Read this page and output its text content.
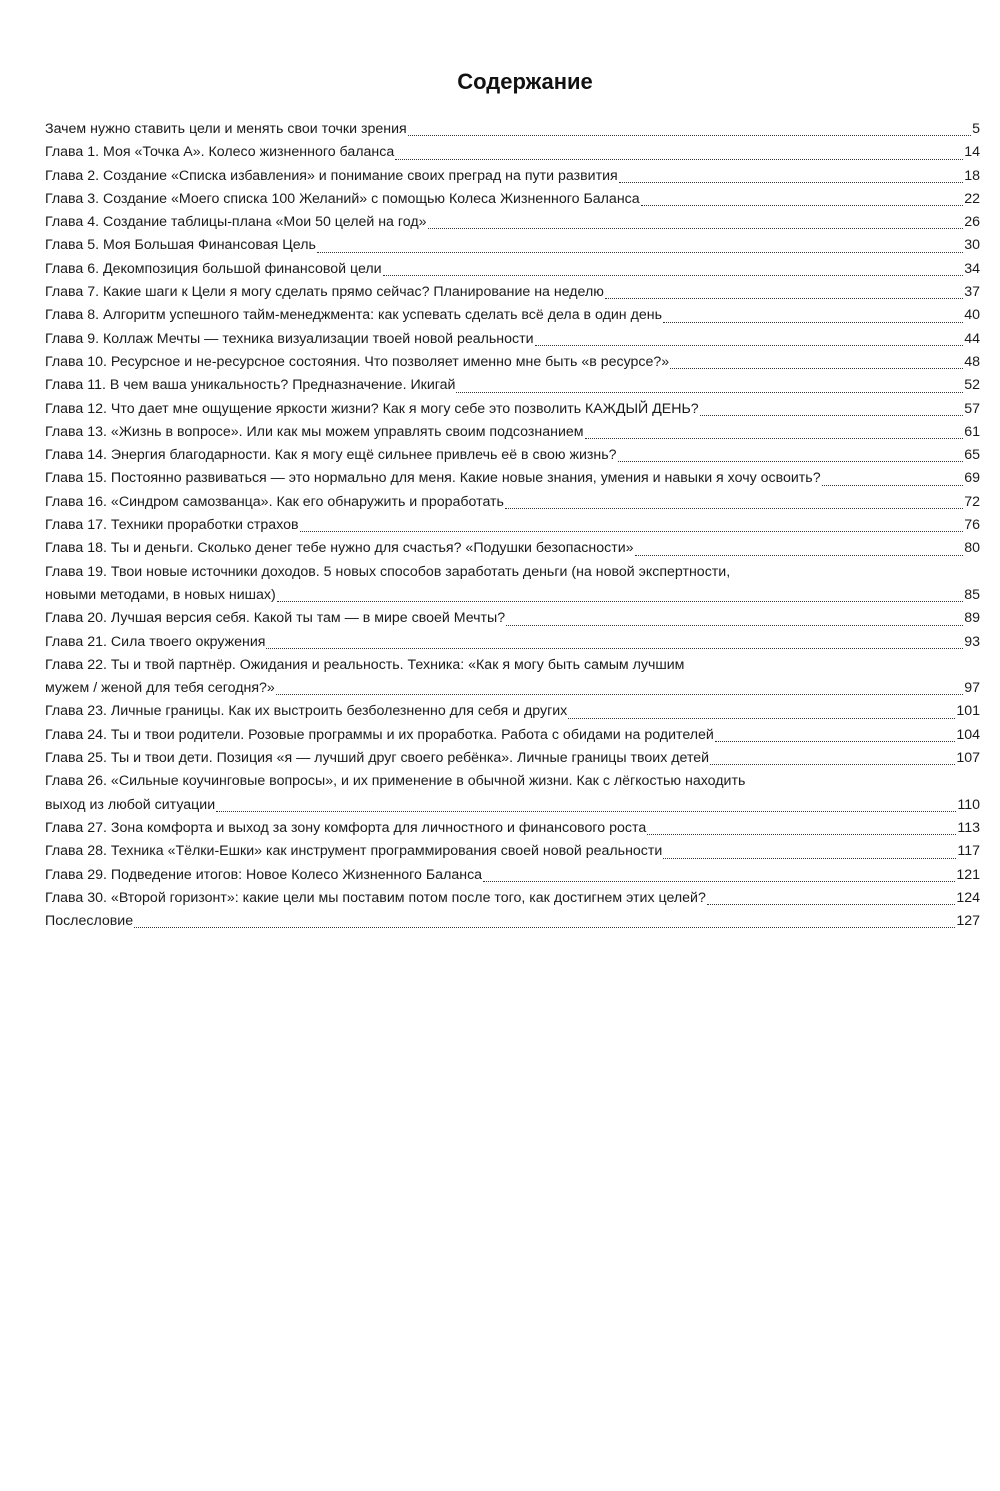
Содержание
Зачем нужно ставить цели и менять свои точки зрения	5
Глава 1. Моя «Точка А». Колесо жизненного баланса	14
Глава 2. Создание «Списка избавления» и понимание своих преград на пути развития	18
Глава 3. Создание «Моего списка 100 Желаний» с помощью Колеса Жизненного Баланса	22
Глава 4. Создание таблицы-плана «Мои 50 целей на год»	26
Глава 5. Моя Большая Финансовая Цель	30
Глава 6. Декомпозиция большой финансовой цели	34
Глава 7. Какие шаги к Цели я могу сделать прямо сейчас? Планирование на неделю	37
Глава 8. Алгоритм успешного тайм-менеджмента: как успевать сделать всё дела в один день	40
Глава 9. Коллаж Мечты — техника визуализации твоей новой реальности	44
Глава 10. Ресурсное и не-ресурсное состояния. Что позволяет именно мне быть «в ресурсе?»	48
Глава 11. В чем ваша уникальность? Предназначение. Икигай	52
Глава 12. Что дает мне ощущение яркости жизни? Как я могу себе это позволить КАЖДЫЙ ДЕНЬ?	57
Глава 13. «Жизнь в вопросе». Или как мы можем управлять своим подсознанием	61
Глава 14. Энергия благодарности. Как я могу ещё сильнее привлечь её в свою жизнь?	65
Глава 15. Постоянно развиваться — это нормально для меня. Какие новые знания, умения и навыки я хочу освоить?	69
Глава 16. «Синдром самозванца». Как его обнаружить и проработать	72
Глава 17. Техники проработки страхов	76
Глава 18. Ты и деньги. Сколько денег тебе нужно для счастья? «Подушки безопасности»	80
Глава 19. Твои новые источники доходов. 5 новых способов заработать деньги (на новой экспертности,
новыми методами, в новых нишах)	85
Глава 20. Лучшая версия себя. Какой ты там — в мире своей Мечты?	89
Глава 21. Сила твоего окружения	93
Глава 22. Ты и твой партнёр. Ожидания и реальность. Техника: «Как я могу быть самым лучшим
мужем / женой для тебя сегодня?»	97
Глава 23. Личные границы. Как их выстроить безболезненно для себя и других	101
Глава 24. Ты и твои родители. Розовые программы и их проработка. Работа с обидами на родителей	104
Глава 25. Ты и твои дети. Позиция «я — лучший друг своего ребёнка». Личные границы твоих детей	107
Глава 26. «Сильные коучинговые вопросы», и их применение в обычной жизни. Как с лёгкостью находить
выход из любой ситуации	110
Глава 27. Зона комфорта и выход за зону комфорта для личностного и финансового роста	113
Глава 28. Техника «Тёлки-Ешки» как инструмент программирования своей новой реальности	117
Глава 29. Подведение итогов: Новое Колесо Жизненного Баланса	121
Глава 30. «Второй горизонт»: какие цели мы поставим потом после того, как достигнем этих целей?	124
Послесловие	127
